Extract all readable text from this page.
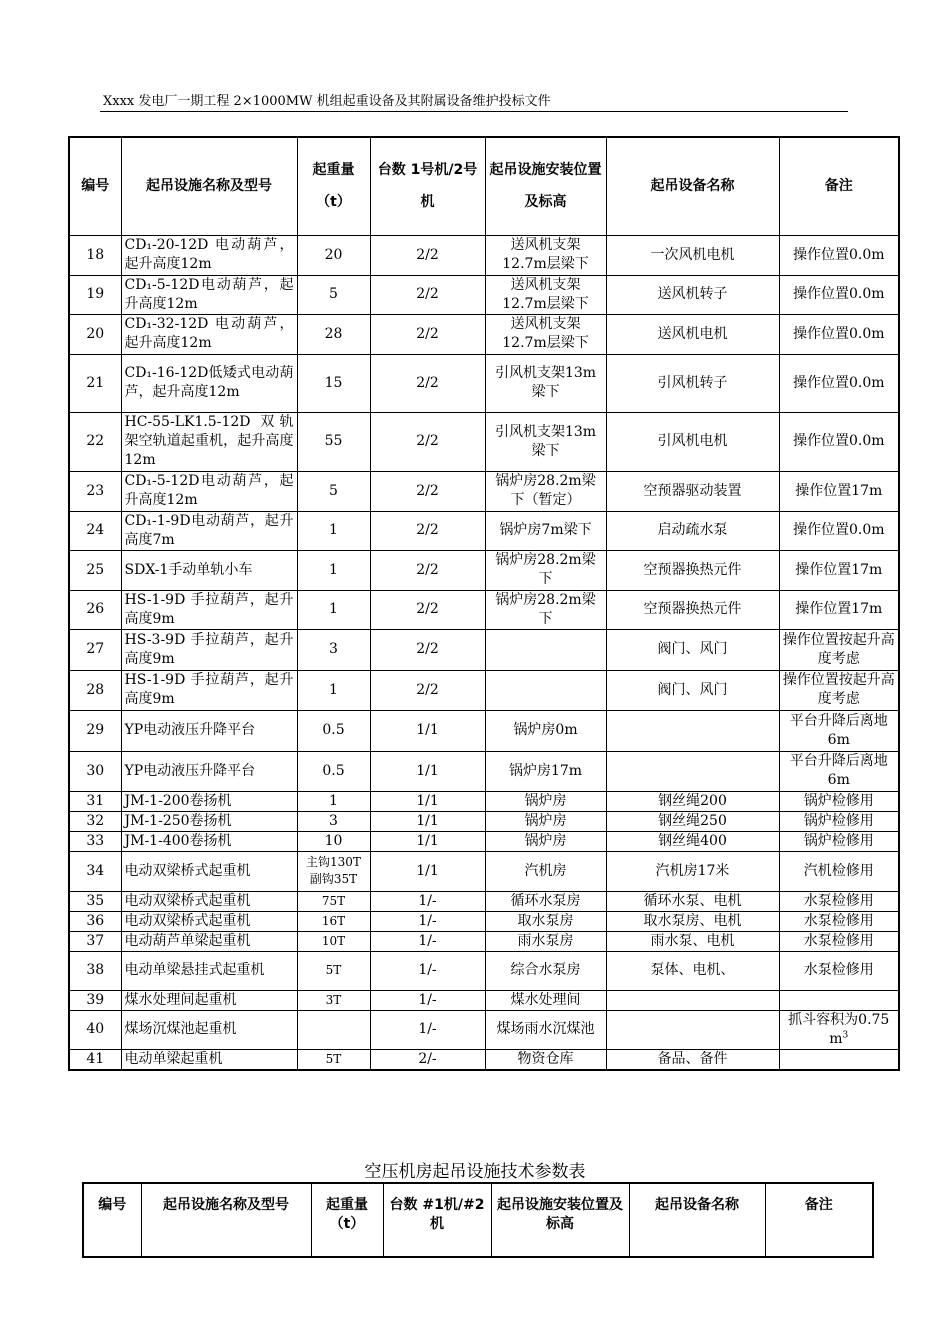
Xxxx 发电厂一期工程 2×1000MW 机组起重设备及其附属设备维护投标文件
编号	起吊设施名称及型号	起重量（t）	台数 1号机/2号机	起吊设施安装位置及标高	起吊设备名称	备注
18	CD₁-20-12D 电动葫芦，起升高度12m	20	2/2	送风机支架12.7m层梁下	一次风机电机	操作位置0.0m
19	CD₁-5-12D电动葫芦，起升高度12m	5	2/2	送风机支架12.7m层梁下	送风机转子	操作位置0.0m
20	CD₁-32-12D 电动葫芦，起升高度12m	28	2/2	送风机支架12.7m层梁下	送风机电机	操作位置0.0m
21	CD₁-16-12D低矮式电动葫芦，起升高度12m	15	2/2	引风机支架13m梁下	引风机转子	操作位置0.0m
22	HC-55-LK1.5-12D 双轨架空轨道起重机，起升高度12m	55	2/2	引风机支架13m梁下	引风机电机	操作位置0.0m
23	CD₁-5-12D电动葫芦，起升高度12m	5	2/2	锅炉房28.2m梁下（暂定）	空预器驱动装置	操作位置17m
24	CD₁-1-9D电动葫芦，起升高度7m	1	2/2	锅炉房7m梁下	启动疏水泵	操作位置0.0m
25	SDX-1手动单轨小车	1	2/2	锅炉房28.2m梁下	空预器换热元件	操作位置17m
26	HS-1-9D 手拉葫芦，起升高度9m	1	2/2	锅炉房28.2m梁下	空预器换热元件	操作位置17m
27	HS-3-9D 手拉葫芦，起升高度9m	3	2/2		阀门、风门	操作位置按起升高度考虑
28	HS-1-9D 手拉葫芦，起升高度9m	1	2/2		阀门、风门	操作位置按起升高度考虑
29	YP电动液压升降平台	0.5	1/1	锅炉房0m		平台升降后离地6m
30	YP电动液压升降平台	0.5	1/1	锅炉房17m		平台升降后离地6m
31	JM-1-200卷扬机	1	1/1	锅炉房	钢丝绳200	锅炉检修用
32	JM-1-250卷扬机	3	1/1	锅炉房	钢丝绳250	锅炉检修用
33	JM-1-400卷扬机	10	1/1	锅炉房	钢丝绳400	锅炉检修用
34	电动双梁桥式起重机	主钩130T副钩35T	1/1	汽机房	汽机房17米	汽机检修用
35	电动双梁桥式起重机	75T	1/-	循环水泵房	循环水泵、电机	水泵检修用
36	电动双梁桥式起重机	16T	1/-	取水泵房	取水泵房、电机	水泵检修用
37	电动葫芦单梁起重机	10T	1/-	雨水泵房	雨水泵、电机	水泵检修用
38	电动单梁悬挂式起重机	5T	1/-	综合水泵房	泵体、电机、	水泵检修用
39	煤水处理间起重机	3T	1/-	煤水处理间		
40	煤场沉煤池起重机		1/-	煤场雨水沉煤池		抓斗容积为0.75 $m^3$
41	电动单梁起重机	5T	2/-	物资仓库	备品、备件	
空压机房起吊设施技术参数表
编号	起吊设施名称及型号	起重量（t）	台数 #1机/#2机	起吊设施安装位置及标高	起吊设备名称	备注
